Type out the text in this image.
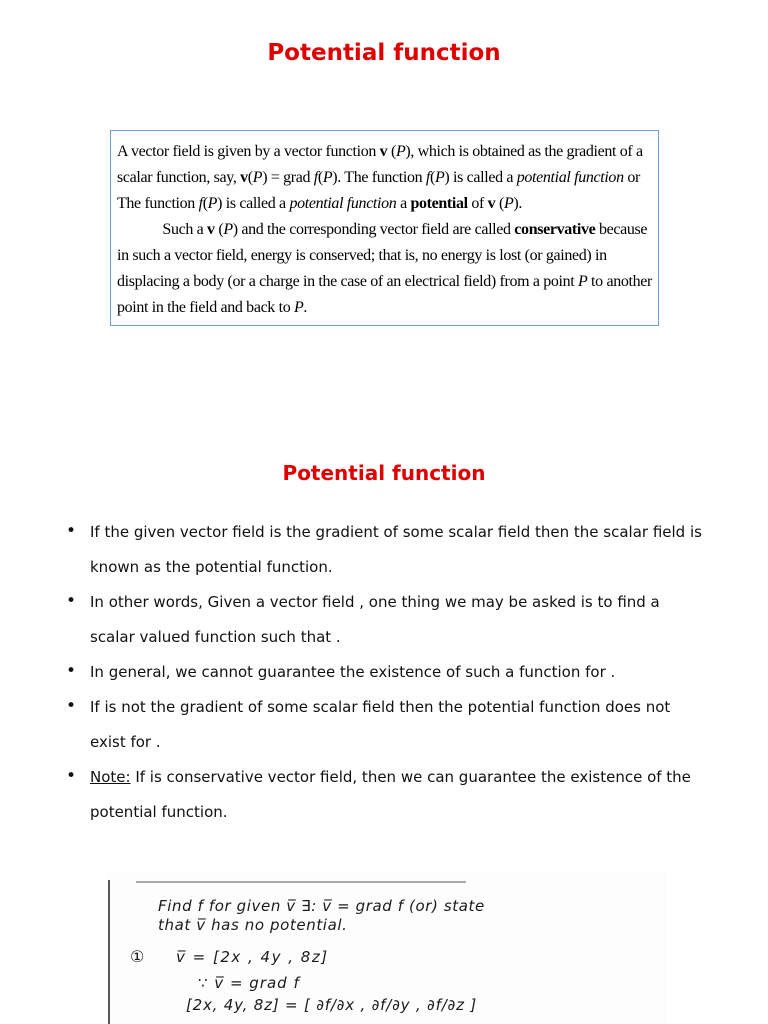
Potential function
A vector field is given by a vector function v (P), which is obtained as the gradient of a
scalar function, say, v(P) = grad f(P). The function f(P) is called a potential function or
The function f(P) is called a potential function a potential of v (P).
Such a v (P) and the corresponding vector field are called conservative because
in such a vector field, energy is conserved; that is, no energy is lost (or gained) in
displacing a body (or a charge in the case of an electrical field) from a point P to another
point in the field and back to P.
Potential function
• If the given vector field is the gradient of some scalar field then the scalar field is known as the potential function.
• In other words, Given a vector field , one thing we may be asked is to find a scalar valued function such that .
• In general, we cannot guarantee the existence of such a function for .
• If is not the gradient of some scalar field then the potential function does not exist for .
• Note: If is conservative vector field, then we can guarantee the existence of the potential function.
Find f for given v̅ ∃: v̅ = grad f (or) state
that v̅ has no potential.
① v̅ = [2x , 4y , 8z]
∵ v̅ = grad f
[2x, 4y, 8z] = [ ∂f/∂x , ∂f/∂y , ∂f/∂z ]
